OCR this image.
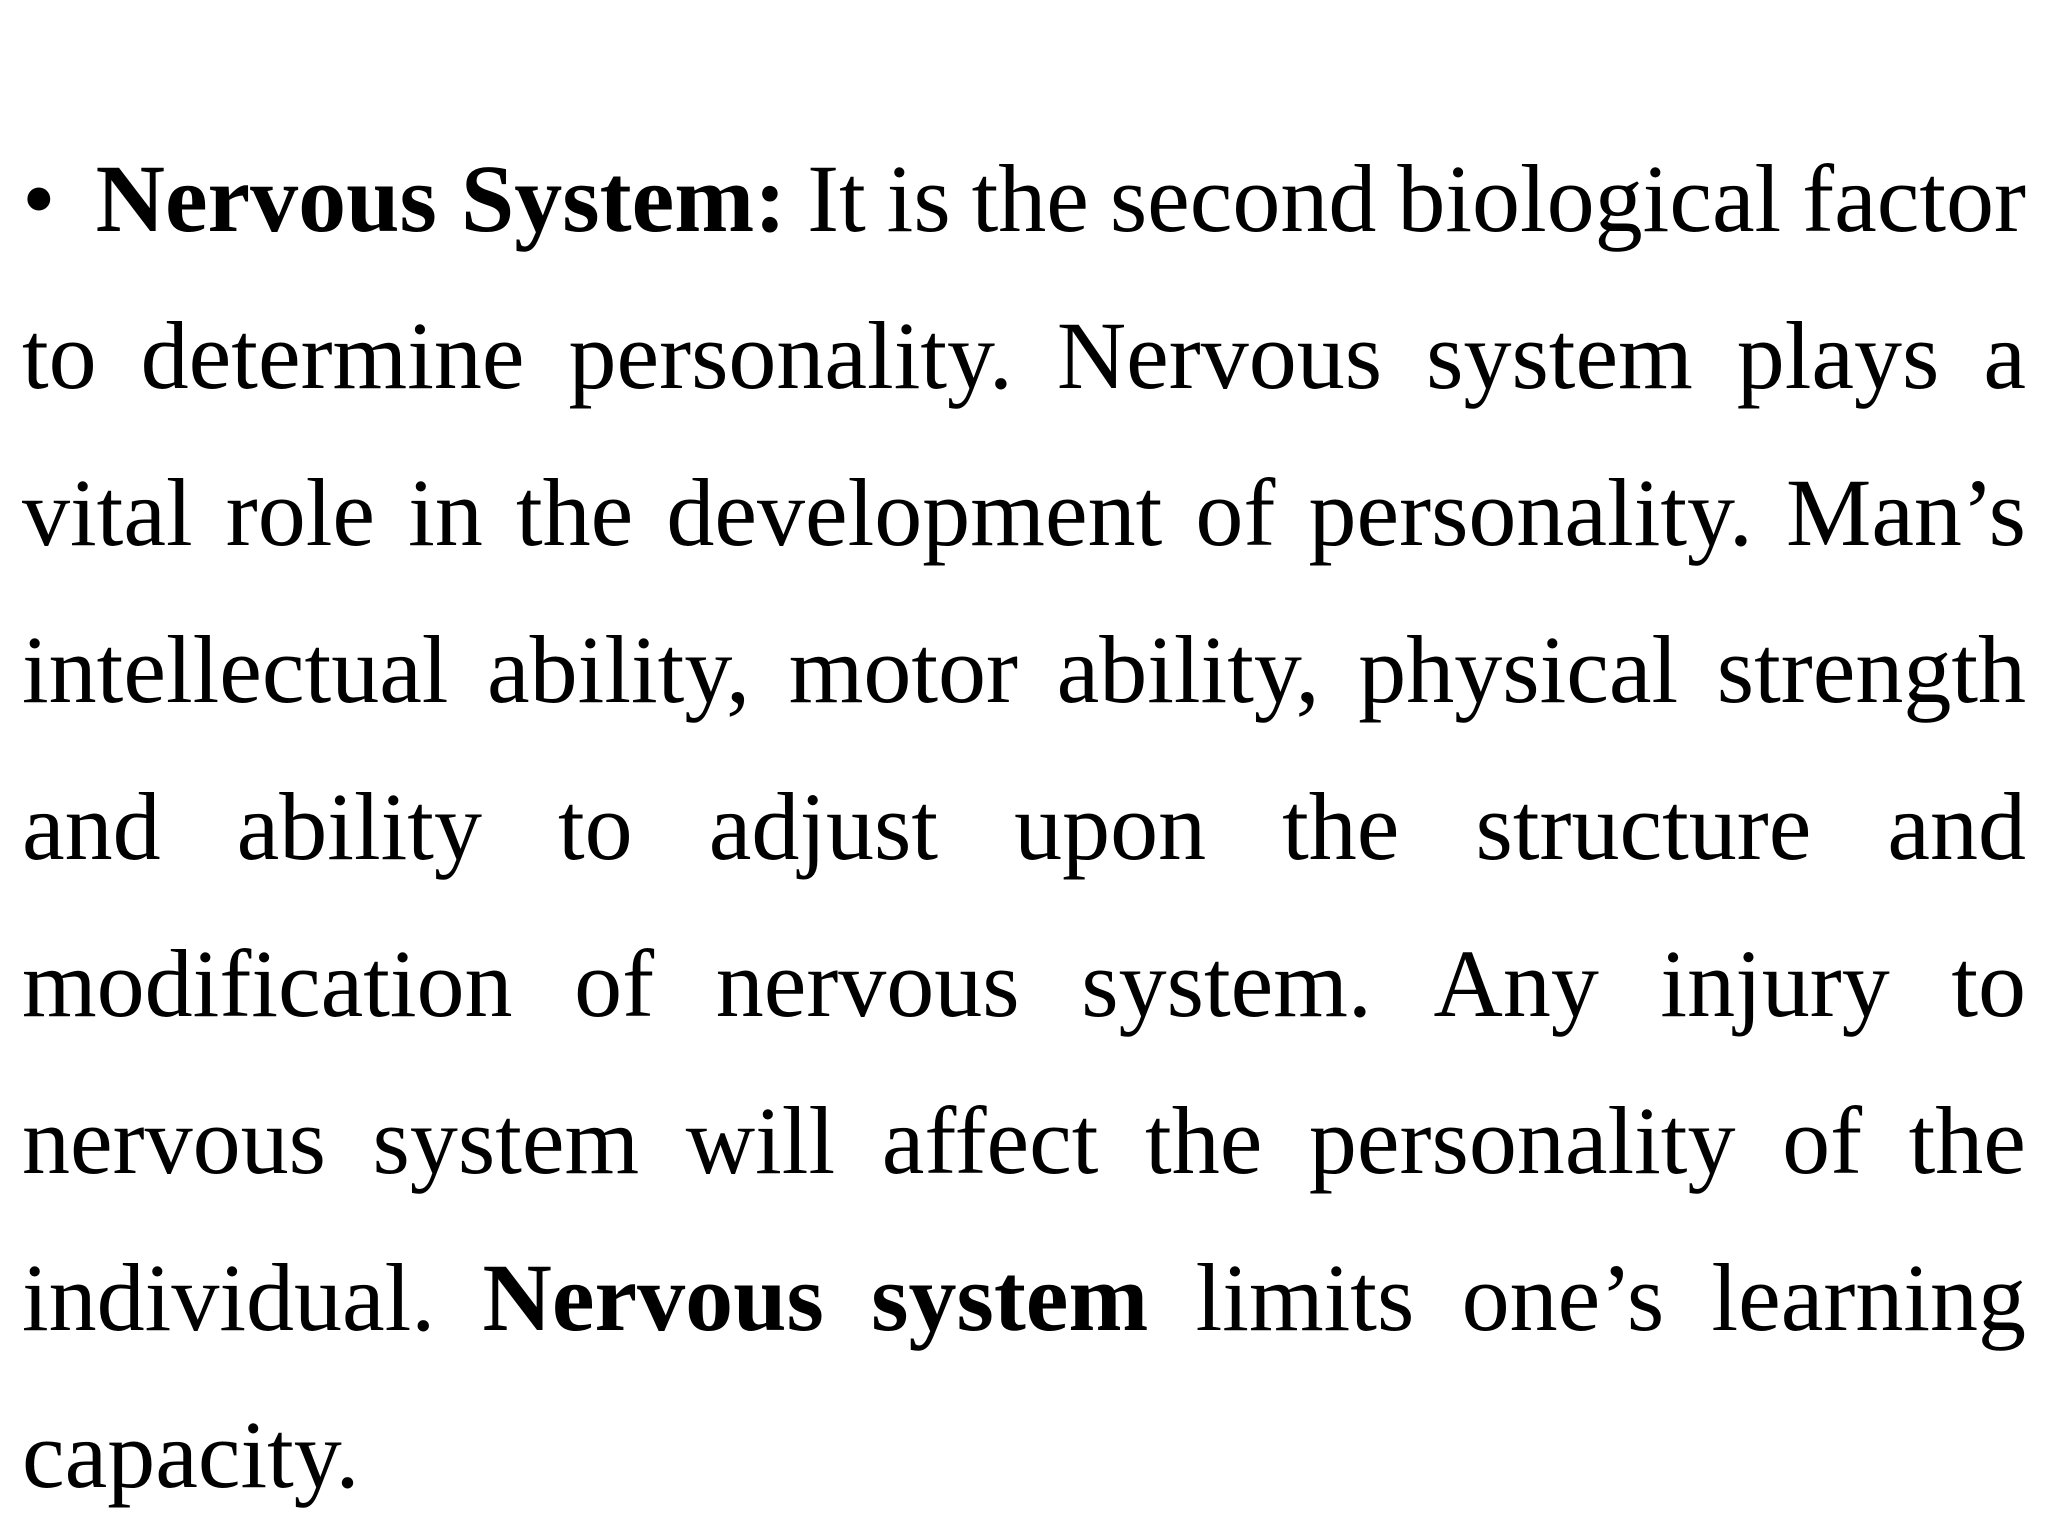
• Nervous System: It is the second biological factor
to determine personality. Nervous system plays a
vital role in the development of personality. Man’s
intellectual ability, motor ability, physical strength
and ability to adjust upon the structure and
modification of nervous system. Any injury to
nervous system will affect the personality of the
individual. Nervous system limits one’s learning
capacity.
